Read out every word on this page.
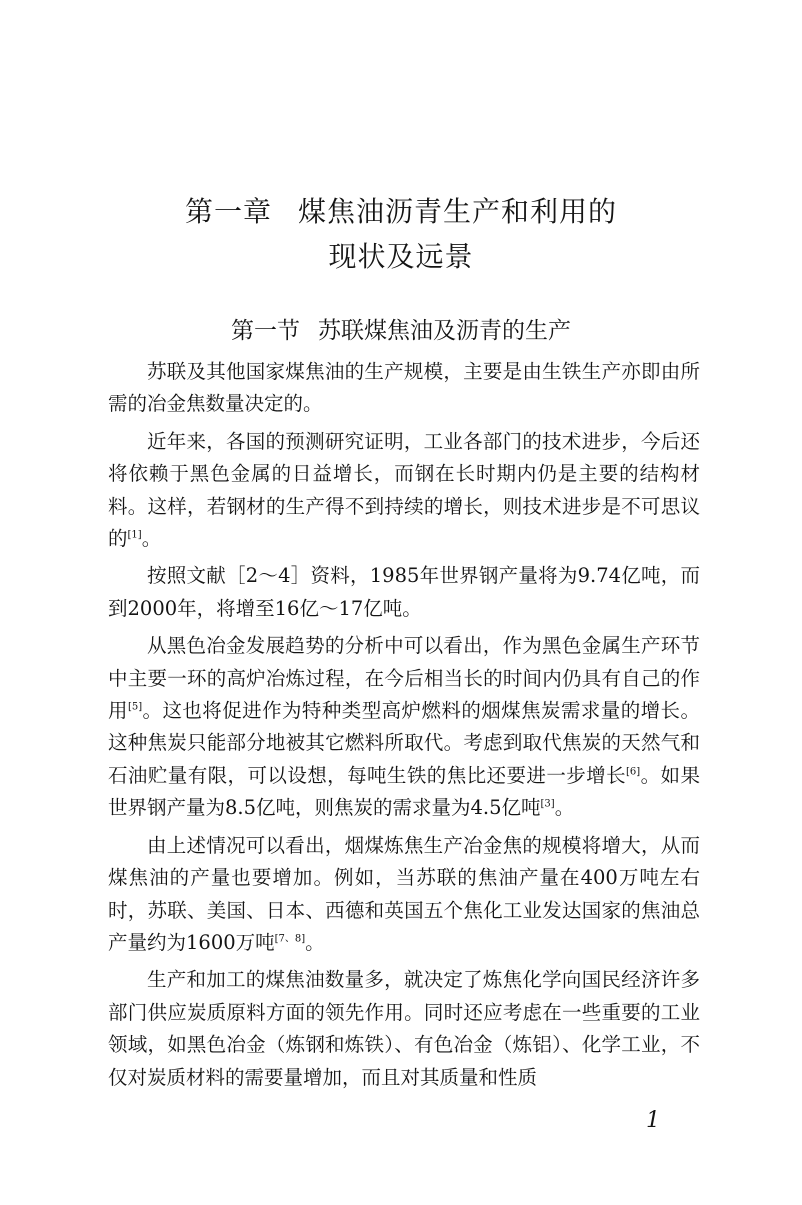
第一章 煤焦油沥青生产和利用的
现状及远景
第一节 苏联煤焦油及沥青的生产

苏联及其他国家煤焦油的生产规模，主要是由生铁生产亦即由所需的冶金焦数量决定的。

近年来，各国的预测研究证明，工业各部门的技术进步，今后还将依赖于黑色金属的日益增长，而钢在长时期内仍是主要的结构材料。这样，若钢材的生产得不到持续的增长，则技术进步是不可思议的[1]。

按照文献［2～4］资料，1985年世界钢产量将为9.74亿吨，而到2000年，将增至16亿～17亿吨。

从黑色冶金发展趋势的分析中可以看出，作为黑色金属生产环节中主要一环的高炉冶炼过程，在今后相当长的时间内仍具有自己的作用[5]。这也将促进作为特种类型高炉燃料的烟煤焦炭需求量的增长。这种焦炭只能部分地被其它燃料所取代。考虑到取代焦炭的天然气和石油贮量有限，可以设想，每吨生铁的焦比还要进一步增长[6]。如果世界钢产量为8.5亿吨，则焦炭的需求量为4.5亿吨[3]。

由上述情况可以看出，烟煤炼焦生产冶金焦的规模将增大，从而煤焦油的产量也要增加。例如，当苏联的焦油产量在400万吨左右时，苏联、美国、日本、西德和英国五个焦化工业发达国家的焦油总产量约为1600万吨[7、8]。

生产和加工的煤焦油数量多，就决定了炼焦化学向国民经济许多部门供应炭质原料方面的领先作用。同时还应考虑在一些重要的工业领域，如黑色冶金（炼钢和炼铁）、有色冶金（炼铝）、化学工业，不仅对炭质材料的需要量增加，而且对其质量和性质

1
